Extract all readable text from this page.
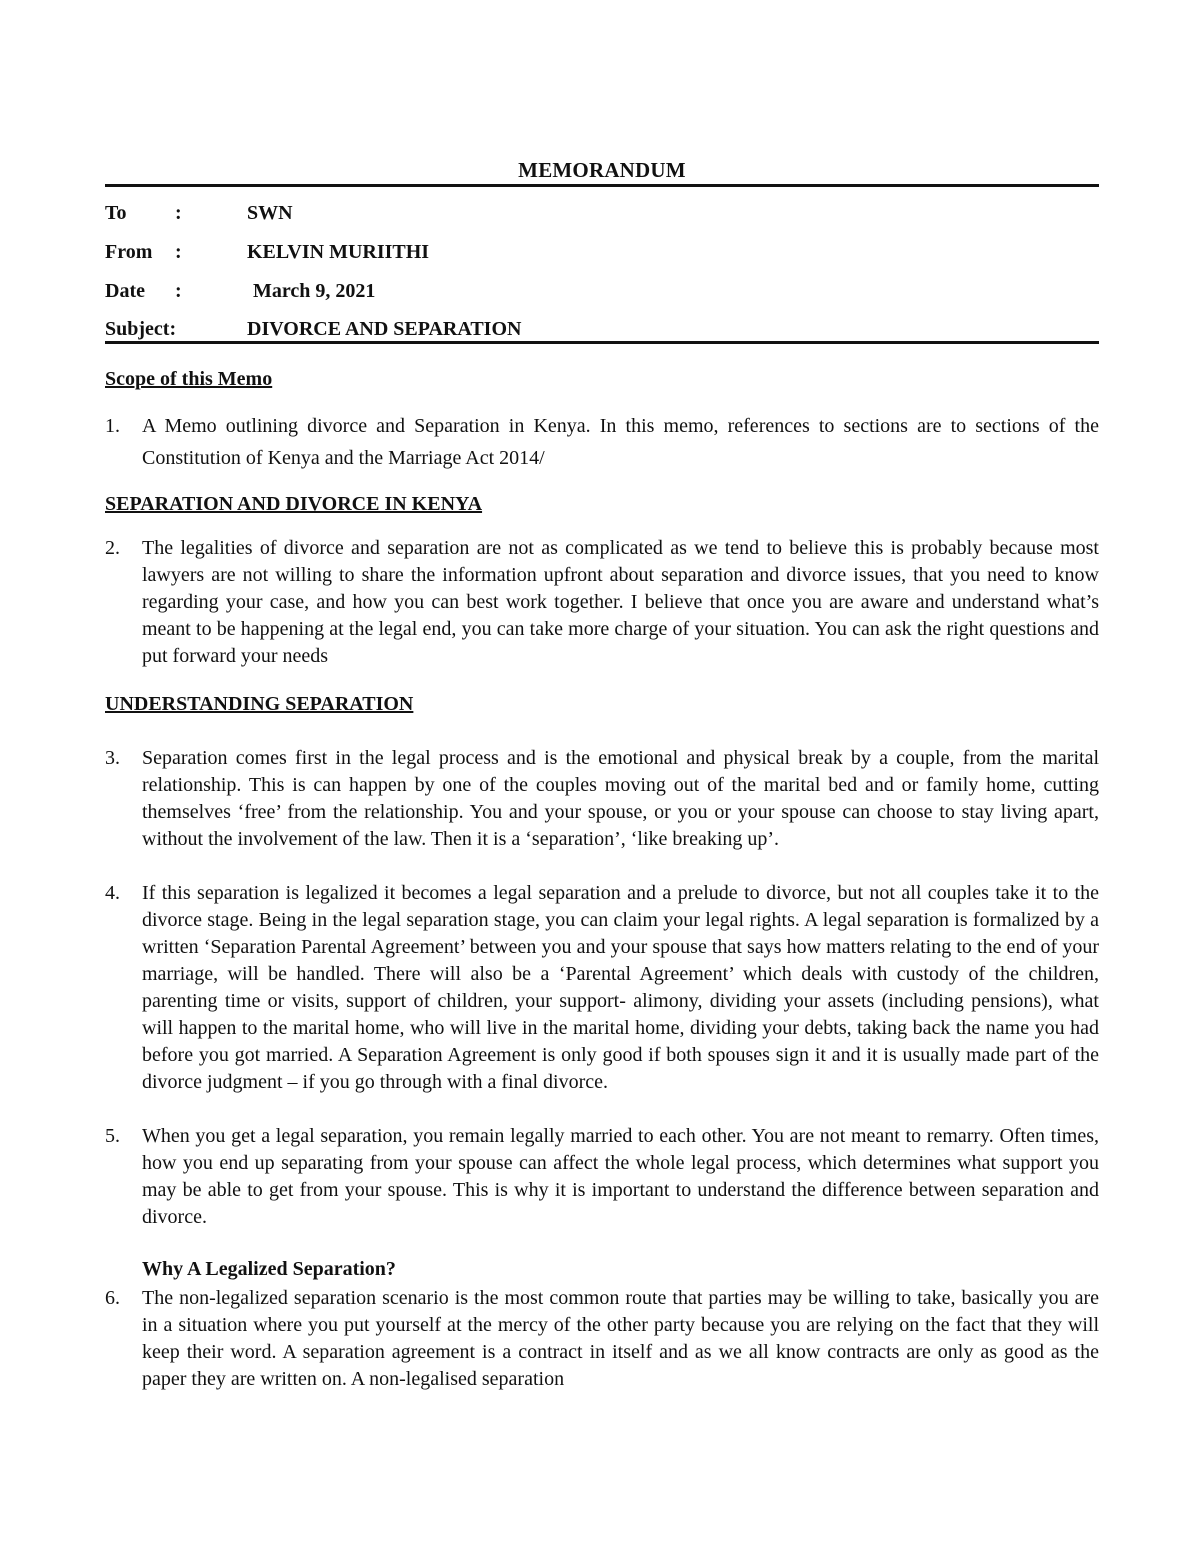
MEMORANDUM
To :	SWN
From :	KELVIN MURIITHI
Date :	March 9, 2021
Subject:	DIVORCE AND SEPARATION
Scope of this Memo
1. A Memo outlining divorce and Separation in Kenya. In this memo, references to sections are to sections of the Constitution of Kenya and the Marriage Act 2014/
SEPARATION AND DIVORCE IN KENYA
2. The legalities of divorce and separation are not as complicated as we tend to believe this is probably because most lawyers are not willing to share the information upfront about separation and divorce issues, that you need to know regarding your case, and how you can best work together. I believe that once you are aware and understand what’s meant to be happening at the legal end, you can take more charge of your situation. You can ask the right questions and put forward your needs
UNDERSTANDING SEPARATION
3. Separation comes first in the legal process and is the emotional and physical break by a couple, from the marital relationship. This is can happen by one of the couples moving out of the marital bed and or family home, cutting themselves ‘free’ from the relationship. You and your spouse, or you or your spouse can choose to stay living apart, without the involvement of the law. Then it is a ‘separation’, ‘like breaking up’.
4. If this separation is legalized it becomes a legal separation and a prelude to divorce, but not all couples take it to the divorce stage. Being in the legal separation stage, you can claim your legal rights. A legal separation is formalized by a written ‘Separation Parental Agreement’ between you and your spouse that says how matters relating to the end of your marriage, will be handled. There will also be a ‘Parental Agreement’ which deals with custody of the children, parenting time or visits, support of children, your support- alimony, dividing your assets (including pensions), what will happen to the marital home, who will live in the marital home, dividing your debts, taking back the name you had before you got married. A Separation Agreement is only good if both spouses sign it and it is usually made part of the divorce judgment – if you go through with a final divorce.
5. When you get a legal separation, you remain legally married to each other. You are not meant to remarry. Often times, how you end up separating from your spouse can affect the whole legal process, which determines what support you may be able to get from your spouse. This is why it is important to understand the difference between separation and divorce.
Why A Legalized Separation?
6. The non-legalized separation scenario is the most common route that parties may be willing to take, basically you are in a situation where you put yourself at the mercy of the other party because you are relying on the fact that they will keep their word. A separation agreement is a contract in itself and as we all know contracts are only as good as the paper they are written on. A non-legalised separation
